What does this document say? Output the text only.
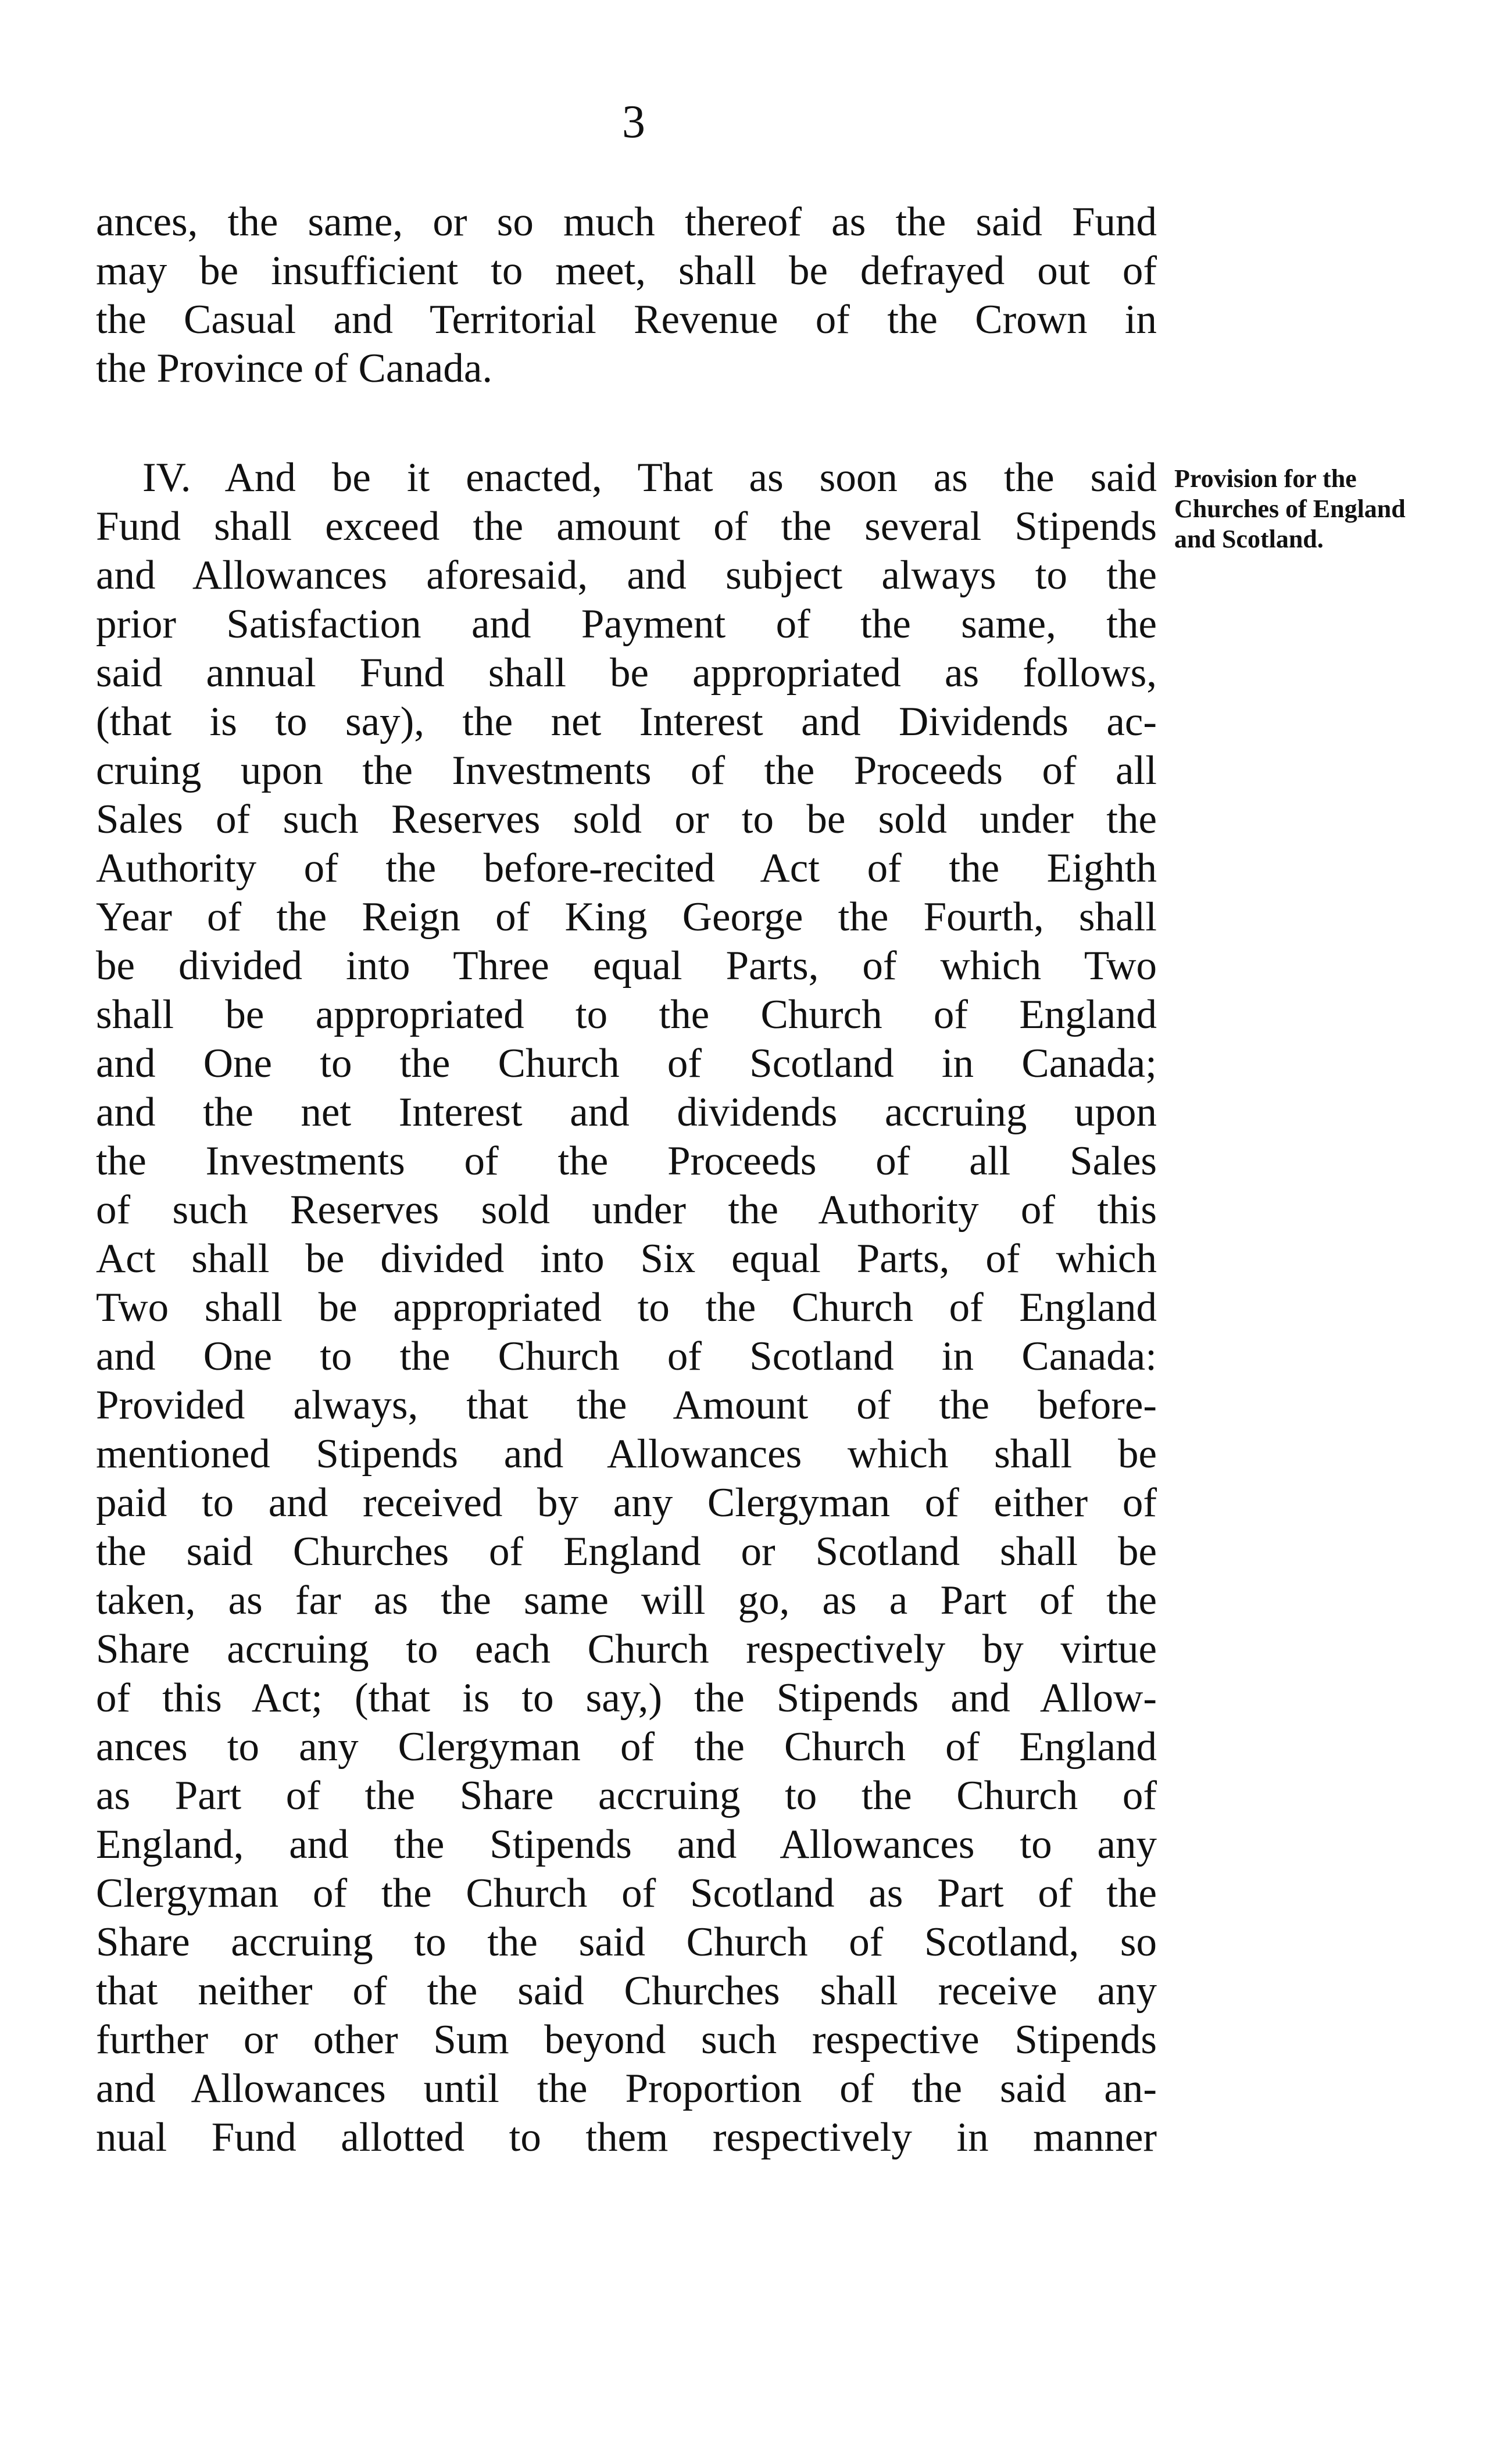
3
ances, the same, or so much thereof as the said Fund
may be insufficient to meet, shall be defrayed out of
the Casual and Territorial Revenue of the Crown in
the Province of Canada.
Provision for the
Churches of England
and Scotland.
IV. And be it enacted, That as soon as the said
Fund shall exceed the amount of the several Stipends
and Allowances aforesaid, and subject always to the
prior Satisfaction and Payment of the same, the
said annual Fund shall be appropriated as follows,
(that is to say), the net Interest and Dividends ac-
cruing upon the Investments of the Proceeds of all
Sales of such Reserves sold or to be sold under the
Authority of the before-recited Act of the Eighth
Year of the Reign of King George the Fourth, shall
be divided into Three equal Parts, of which Two
shall be appropriated to the Church of England
and One to the Church of Scotland in Canada;
and the net Interest and dividends accruing upon
the Investments of the Proceeds of all Sales
of such Reserves sold under the Authority of this
Act shall be divided into Six equal Parts, of which
Two shall be appropriated to the Church of England
and One to the Church of Scotland in Canada:
Provided always, that the Amount of the before-
mentioned Stipends and Allowances which shall be
paid to and received by any Clergyman of either of
the said Churches of England or Scotland shall be
taken, as far as the same will go, as a Part of the
Share accruing to each Church respectively by virtue
of this Act; (that is to say,) the Stipends and Allow-
ances to any Clergyman of the Church of England
as Part of the Share accruing to the Church of
England, and the Stipends and Allowances to any
Clergyman of the Church of Scotland as Part of the
Share accruing to the said Church of Scotland, so
that neither of the said Churches shall receive any
further or other Sum beyond such respective Stipends
and Allowances until the Proportion of the said an-
nual Fund allotted to them respectively in manner
